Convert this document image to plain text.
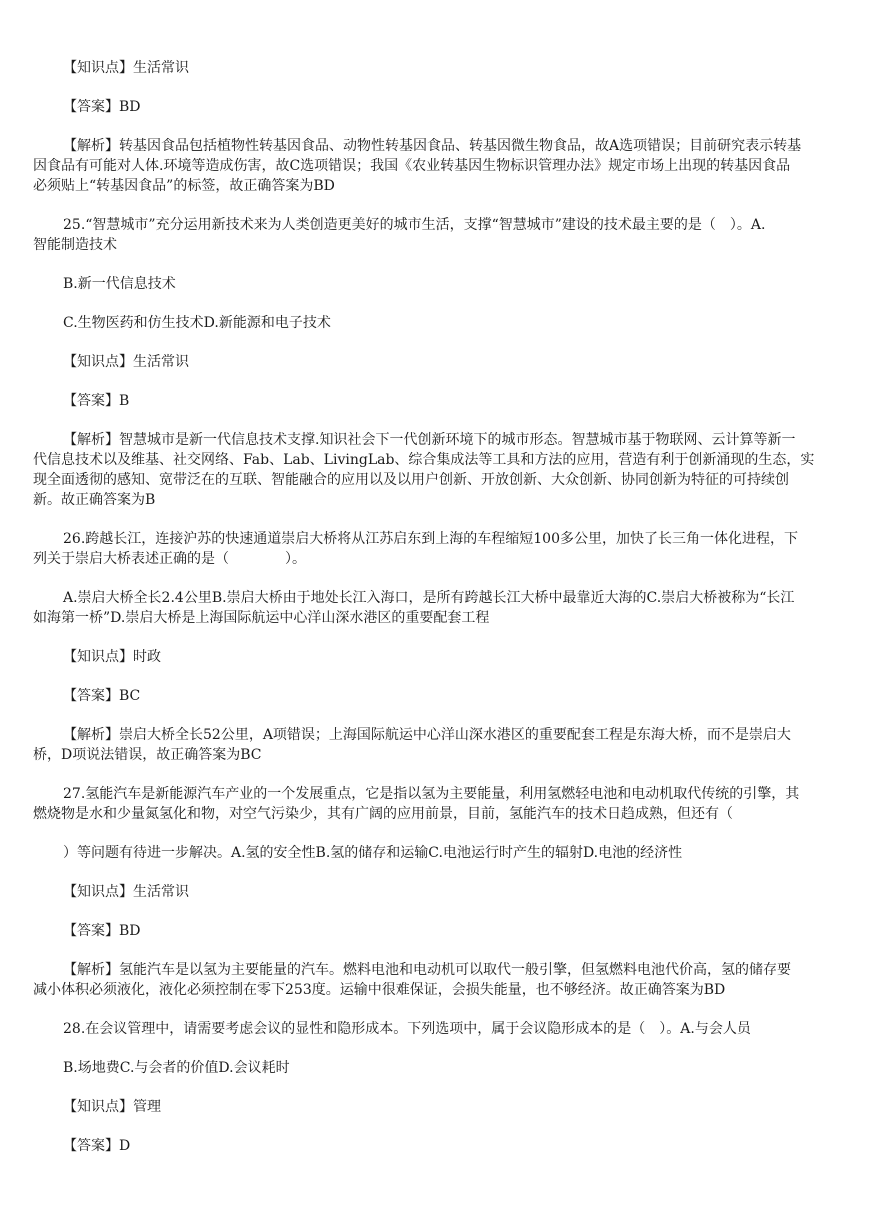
【知识点】生活常识

【答案】BD

【解析】转基因食品包括植物性转基因食品、动物性转基因食品、转基因微生物食品，故A选项错误；目前研究表示转基

因食品有可能对人体.环境等造成伤害，故C选项错误；我国《农业转基因生物标识管理办法》规定市场上出现的转基因食品

必须贴上“转基因食品”的标签，故正确答案为BD

25.“智慧城市”充分运用新技术来为人类创造更美好的城市生活，支撑“智慧城市”建设的技术最主要的是（　）。A.

智能制造技术

B.新一代信息技术

C.生物医药和仿生技术D.新能源和电子技术

【知识点】生活常识

【答案】B

【解析】智慧城市是新一代信息技术支撑.知识社会下一代创新环境下的城市形态。智慧城市基于物联网、云计算等新一

代信息技术以及维基、社交网络、Fab、Lab、LivingLab、综合集成法等工具和方法的应用，营造有利于创新涌现的生态，实

现全面透彻的感知、宽带泛在的互联、智能融合的应用以及以用户创新、开放创新、大众创新、协同创新为特征的可持续创

新。故正确答案为B

26.跨越长江，连接沪苏的快速通道崇启大桥将从江苏启东到上海的车程缩短100多公里，加快了长三角一体化进程，下

列关于崇启大桥表述正确的是（　　　　）。

A.崇启大桥全长2.4公里B.崇启大桥由于地处长江入海口，是所有跨越长江大桥中最靠近大海的C.崇启大桥被称为“长江

如海第一桥”D.崇启大桥是上海国际航运中心洋山深水港区的重要配套工程

【知识点】时政

【答案】BC

【解析】崇启大桥全长52公里，A项错误；上海国际航运中心洋山深水港区的重要配套工程是东海大桥，而不是崇启大

桥，D项说法错误，故正确答案为BC

27.氢能汽车是新能源汽车产业的一个发展重点，它是指以氢为主要能量，利用氢燃轻电池和电动机取代传统的引擎，其

燃烧物是水和少量氮氢化和物，对空气污染少，其有广阔的应用前景，目前，氢能汽车的技术日趋成熟，但还有（

）等问题有待进一步解决。A.氢的安全性B.氢的储存和运输C.电池运行时产生的辐射D.电池的经济性

【知识点】生活常识

【答案】BD

【解析】氢能汽车是以氢为主要能量的汽车。燃料电池和电动机可以取代一般引擎，但氢燃料电池代价高，氢的储存要

减小体积必须液化，液化必须控制在零下253度。运输中很难保证，会损失能量，也不够经济。故正确答案为BD

28.在会议管理中，请需要考虑会议的显性和隐形成本。下列选项中，属于会议隐形成本的是（　）。A.与会人员

B.场地费C.与会者的价值D.会议耗时

【知识点】管理

【答案】D
